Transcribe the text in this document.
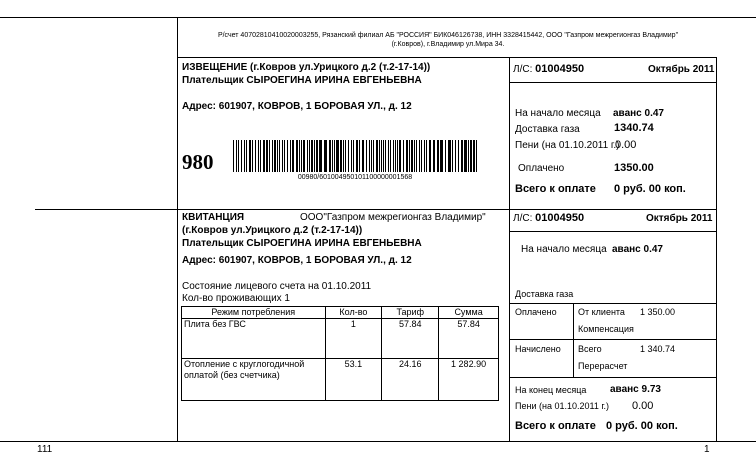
Р/счет 40702810410020003255, Рязанский филиал АБ "РОССИЯ" БИК046126738, ИНН 3328415442, ООО "Газпром межрегионгаз Владимир"
(г.Ковров), г.Владимир ул.Мира 34.
ИЗВЕЩЕНИЕ (г.Ковров ул.Урицкого д.2 (т.2-17-14))
Плательщик СЫРОЕГИНА ИРИНА ЕВГЕНЬЕВНА
Адрес: 601907, КОВРОВ, 1 БОРОВАЯ УЛ., д. 12
980
00980/601004950101100000001568
Л/С: 01004950	Октябрь 2011
На начало месяца аванс 0.47
Доставка газа	1340.74
Пени (на 01.10.2011 г.)
0.00
Оплачено	1350.00
Всего к оплате 0 руб. 00 коп.
КВИТАНЦИЯ	ООО"Газпром межрегионгаз Владимир"
(г.Ковров ул.Урицкого д.2 (т.2-17-14))
Плательщик СЫРОЕГИНА ИРИНА ЕВГЕНЬЕВНА
Адрес: 601907, КОВРОВ, 1 БОРОВАЯ УЛ., д. 12
Состояние лицевого счета на 01.10.2011
Кол-во проживающих 1
Режим потребления	Кол-во	Тариф	Сумма
Плита без ГВС	1	57.84	57.84
Отопление с круглогодичной оплатой (без счетчика)	53.1	24.16	1 282.90
Л/С: 01004950	Октябрь 2011
На начало месяца аванс 0.47
Доставка газа
Оплачено От клиента 1 350.00
Компенсация
Начислено Всего	1 340.74
Перерасчет
На конец месяца аванс 9.73
Пени (на 01.10.2011 г.) 0.00
Всего к оплате 0 руб. 00 коп.
111	1
